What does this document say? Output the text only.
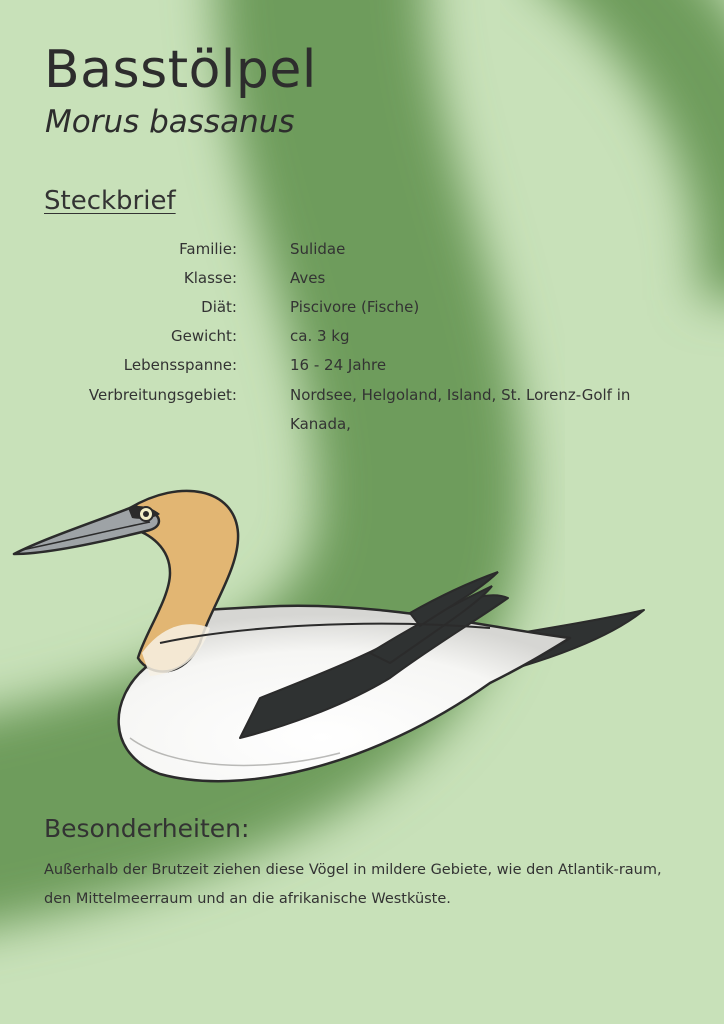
Basstölpel

Morus bassanus

Steckbrief
Familie:	Sulidae
Klasse:	Aves
Diät:	Piscivore (Fische)
Gewicht:	ca. 3 kg
Lebensspanne:	16 - 24 Jahre
Verbreitungsgebiet:	Nordsee, Helgoland, Island, St. Lorenz-Golf in Kanada,
Besonderheiten:

Außerhalb der Brutzeit ziehen diese Vögel in mildere Gebiete, wie den Atlantik-raum, den Mittelmeerraum und an die afrikanische Westküste.
